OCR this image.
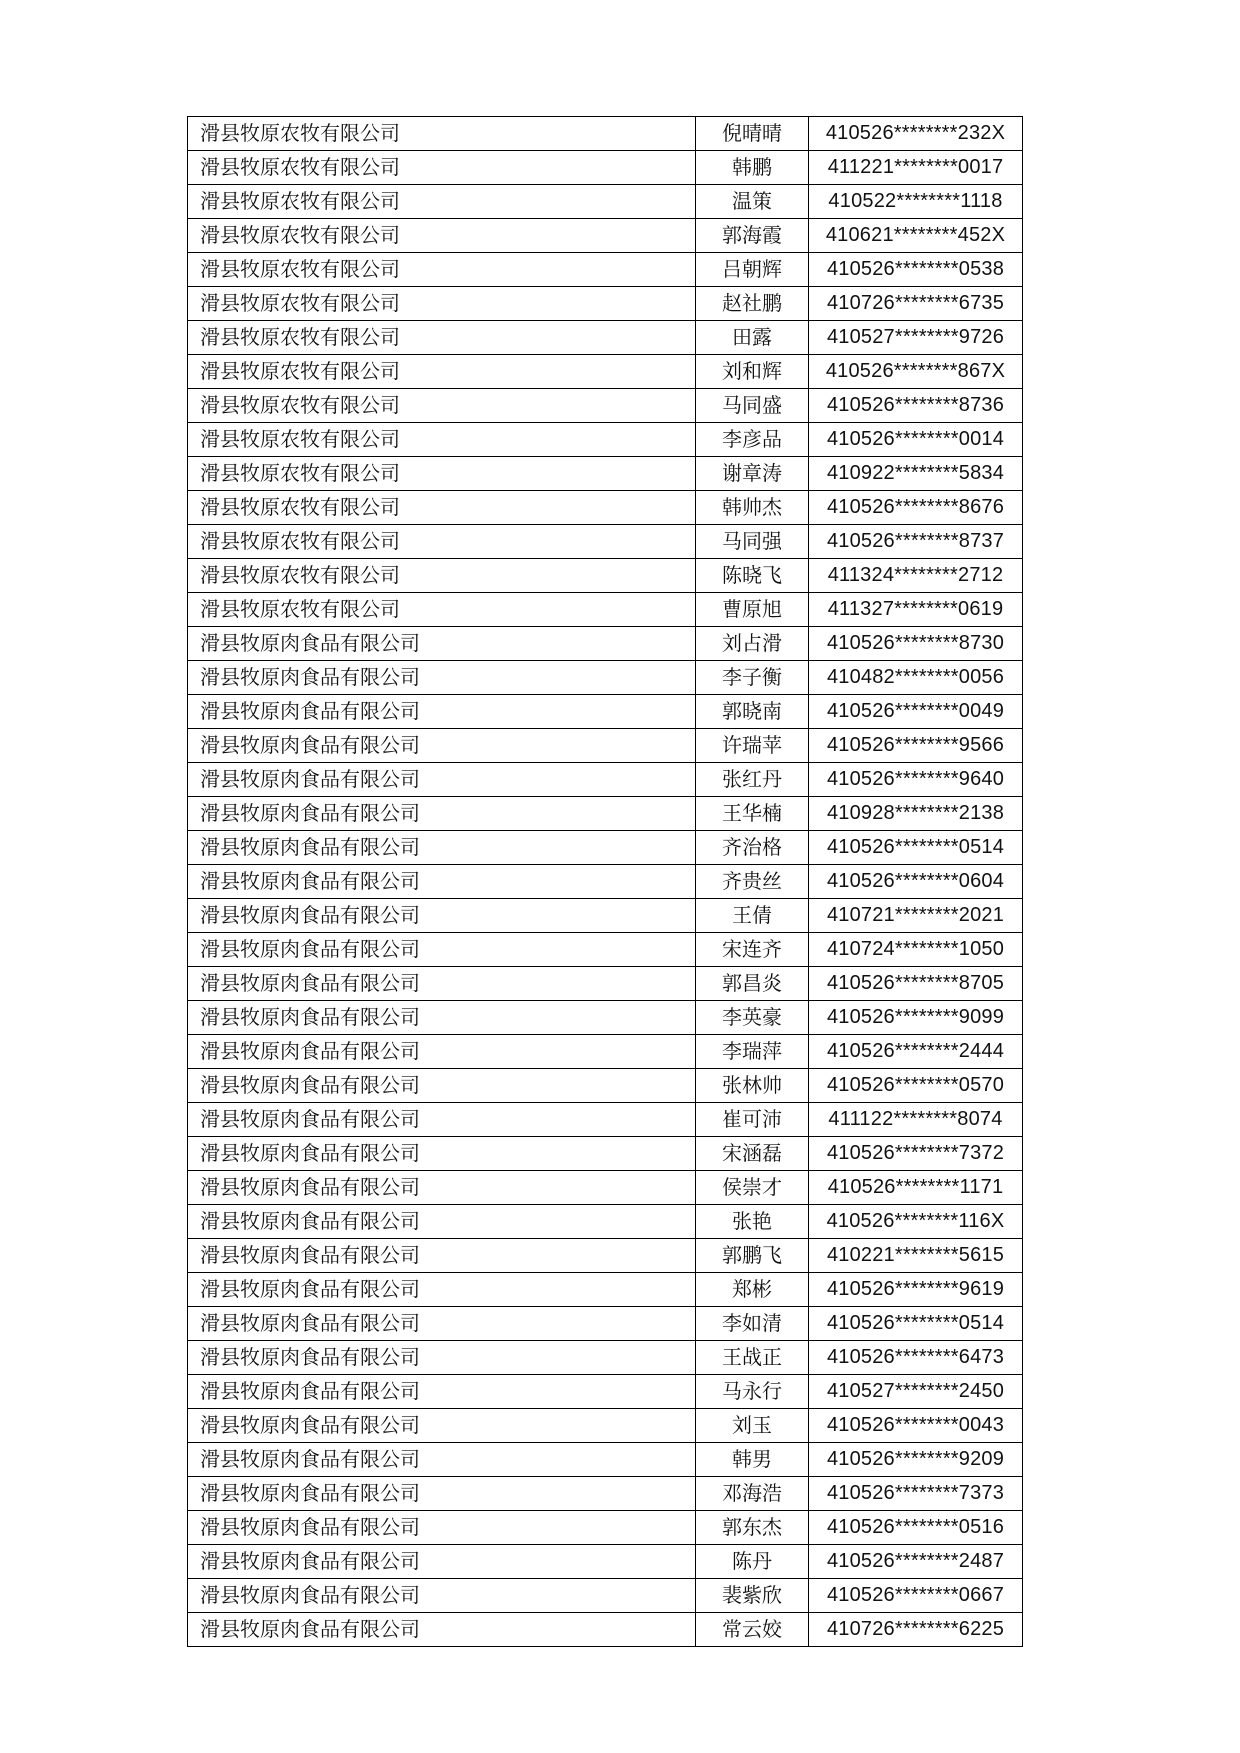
滑县牧原农牧有限公司	倪晴晴	410526********232X
滑县牧原农牧有限公司	韩鹏	411221********0017
滑县牧原农牧有限公司	温策	410522********1118
滑县牧原农牧有限公司	郭海霞	410621********452X
滑县牧原农牧有限公司	吕朝辉	410526********0538
滑县牧原农牧有限公司	赵社鹏	410726********6735
滑县牧原农牧有限公司	田露	410527********9726
滑县牧原农牧有限公司	刘和辉	410526********867X
滑县牧原农牧有限公司	马同盛	410526********8736
滑县牧原农牧有限公司	李彦品	410526********0014
滑县牧原农牧有限公司	谢章涛	410922********5834
滑县牧原农牧有限公司	韩帅杰	410526********8676
滑县牧原农牧有限公司	马同强	410526********8737
滑县牧原农牧有限公司	陈晓飞	411324********2712
滑县牧原农牧有限公司	曹原旭	411327********0619
滑县牧原肉食品有限公司	刘占滑	410526********8730
滑县牧原肉食品有限公司	李子衡	410482********0056
滑县牧原肉食品有限公司	郭晓南	410526********0049
滑县牧原肉食品有限公司	许瑞苹	410526********9566
滑县牧原肉食品有限公司	张红丹	410526********9640
滑县牧原肉食品有限公司	王华楠	410928********2138
滑县牧原肉食品有限公司	齐治格	410526********0514
滑县牧原肉食品有限公司	齐贵丝	410526********0604
滑县牧原肉食品有限公司	王倩	410721********2021
滑县牧原肉食品有限公司	宋连齐	410724********1050
滑县牧原肉食品有限公司	郭昌炎	410526********8705
滑县牧原肉食品有限公司	李英豪	410526********9099
滑县牧原肉食品有限公司	李瑞萍	410526********2444
滑县牧原肉食品有限公司	张林帅	410526********0570
滑县牧原肉食品有限公司	崔可沛	411122********8074
滑县牧原肉食品有限公司	宋涵磊	410526********7372
滑县牧原肉食品有限公司	侯崇才	410526********1171
滑县牧原肉食品有限公司	张艳	410526********116X
滑县牧原肉食品有限公司	郭鹏飞	410221********5615
滑县牧原肉食品有限公司	郑彬	410526********9619
滑县牧原肉食品有限公司	李如清	410526********0514
滑县牧原肉食品有限公司	王战正	410526********6473
滑县牧原肉食品有限公司	马永行	410527********2450
滑县牧原肉食品有限公司	刘玉	410526********0043
滑县牧原肉食品有限公司	韩男	410526********9209
滑县牧原肉食品有限公司	邓海浩	410526********7373
滑县牧原肉食品有限公司	郭东杰	410526********0516
滑县牧原肉食品有限公司	陈丹	410526********2487
滑县牧原肉食品有限公司	裴紫欣	410526********0667
滑县牧原肉食品有限公司	常云姣	410726********6225
